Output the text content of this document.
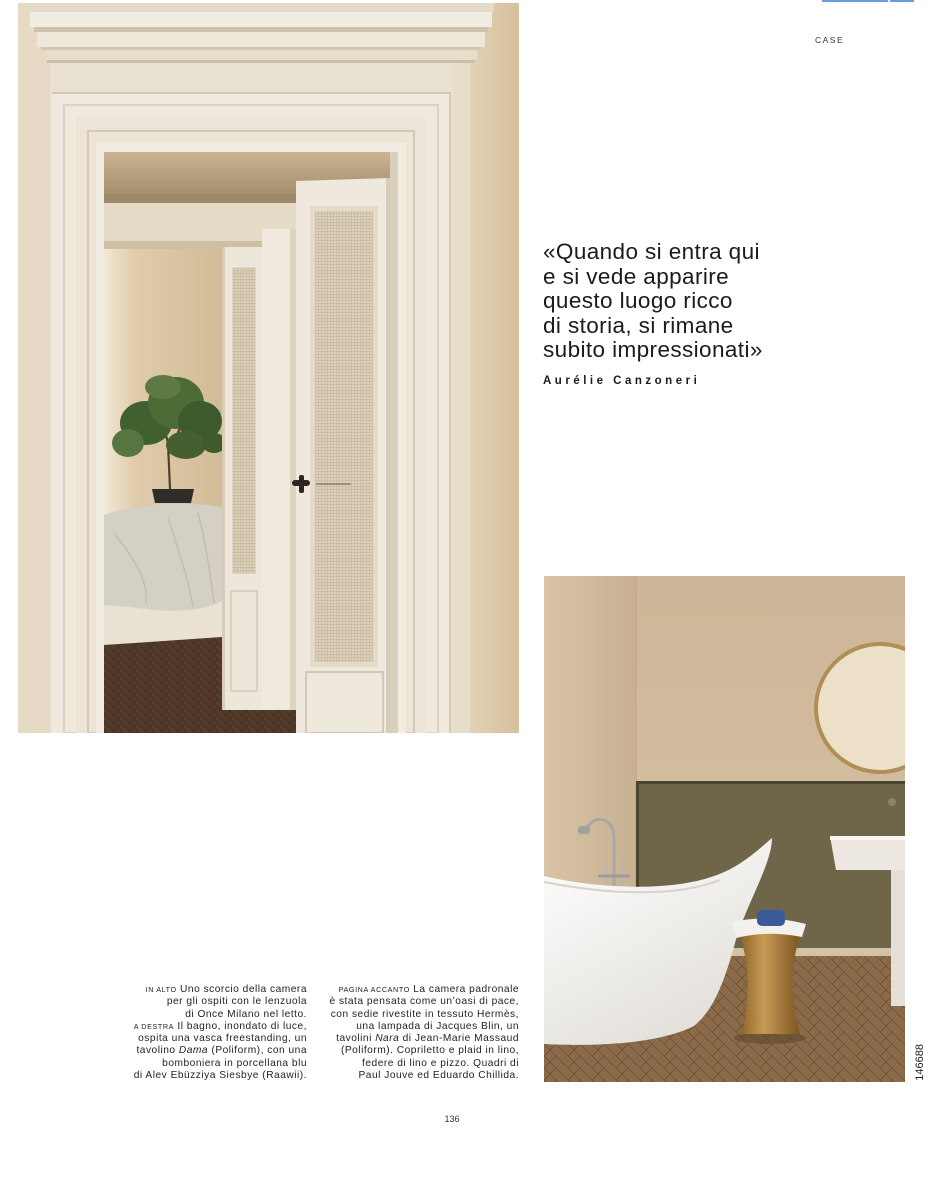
CASE
«Quando si entra qui
e si vede apparire
questo luogo ricco
di storia, si rimane
subito impressionati»
Aurélie Canzoneri
IN ALTO Uno scorcio della camera
per gli ospiti con le lenzuola
di Once Milano nel letto.
A DESTRA Il bagno, inondato di luce,
ospita una vasca freestanding, un
tavolino Dama (Poliform), con una
bomboniera in porcellana blu
di Alev Ebüzziya Siesbye (Raawii).
PAGINA ACCANTO La camera padronale
è stata pensata come un’oasi di pace,
con sedie rivestite in tessuto Hermès,
una lampada di Jacques Blin, un
tavolini Nara di Jean-Marie Massaud
(Poliform). Copriletto e plaid in lino,
federe di lino e pizzo. Quadri di
Paul Jouve ed Eduardo Chillida.
136
146688
